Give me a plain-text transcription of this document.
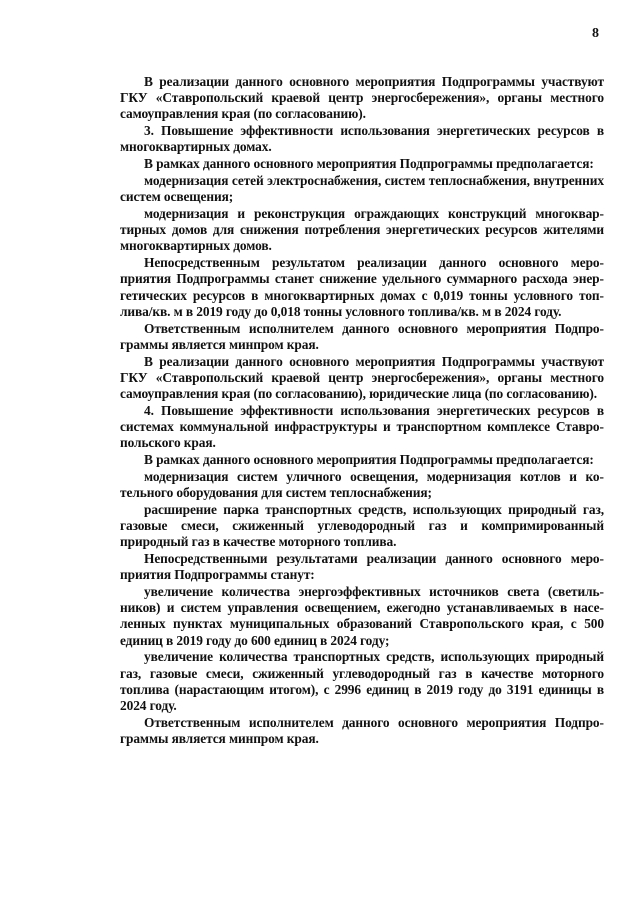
8

В реализации данного основного мероприятия Подпрограммы участвуют ГКУ «Ставропольский краевой центр энергосбережения», органы местного самоуправления края (по согласованию).

3. Повышение эффективности использования энергетических ресурсов в многоквартирных домах.

В рамках данного основного мероприятия Подпрограммы предполагается:

модернизация сетей электроснабжения, систем теплоснабжения, внутренних систем освещения;

модернизация и реконструкция ограждающих конструкций многоквартирных домов для снижения потребления энергетических ресурсов жителями многоквартирных домов.

Непосредственным результатом реализации данного основного мероприятия Подпрограммы станет снижение удельного суммарного расхода энергетических ресурсов в многоквартирных домах с 0,019 тонны условного топлива/кв. м в 2019 году до 0,018 тонны условного топлива/кв. м в 2024 году.

Ответственным исполнителем данного основного мероприятия Подпрограммы является минпром края.

В реализации данного основного мероприятия Подпрограммы участвуют ГКУ «Ставропольский краевой центр энергосбережения», органы местного самоуправления края (по согласованию), юридические лица (по согласованию).

4. Повышение эффективности использования энергетических ресурсов в системах коммунальной инфраструктуры и транспортном комплексе Ставропольского края.

В рамках данного основного мероприятия Подпрограммы предполагается:

модернизация систем уличного освещения, модернизация котлов и котельного оборудования для систем теплоснабжения;

расширение парка транспортных средств, использующих природный газ, газовые смеси, сжиженный углеводородный газ и компримированный природный газ в качестве моторного топлива.

Непосредственными результатами реализации данного основного мероприятия Подпрограммы станут:

увеличение количества энергоэффективных источников света (светильников) и систем управления освещением, ежегодно устанавливаемых в населенных пунктах муниципальных образований Ставропольского края, с 500 единиц в 2019 году до 600 единиц в 2024 году;

увеличение количества транспортных средств, использующих природный газ, газовые смеси, сжиженный углеводородный газ в качестве моторного топлива (нарастающим итогом), с 2996 единиц в 2019 году до 3191 единицы в 2024 году.

Ответственным исполнителем данного основного мероприятия Подпрограммы является минпром края.
